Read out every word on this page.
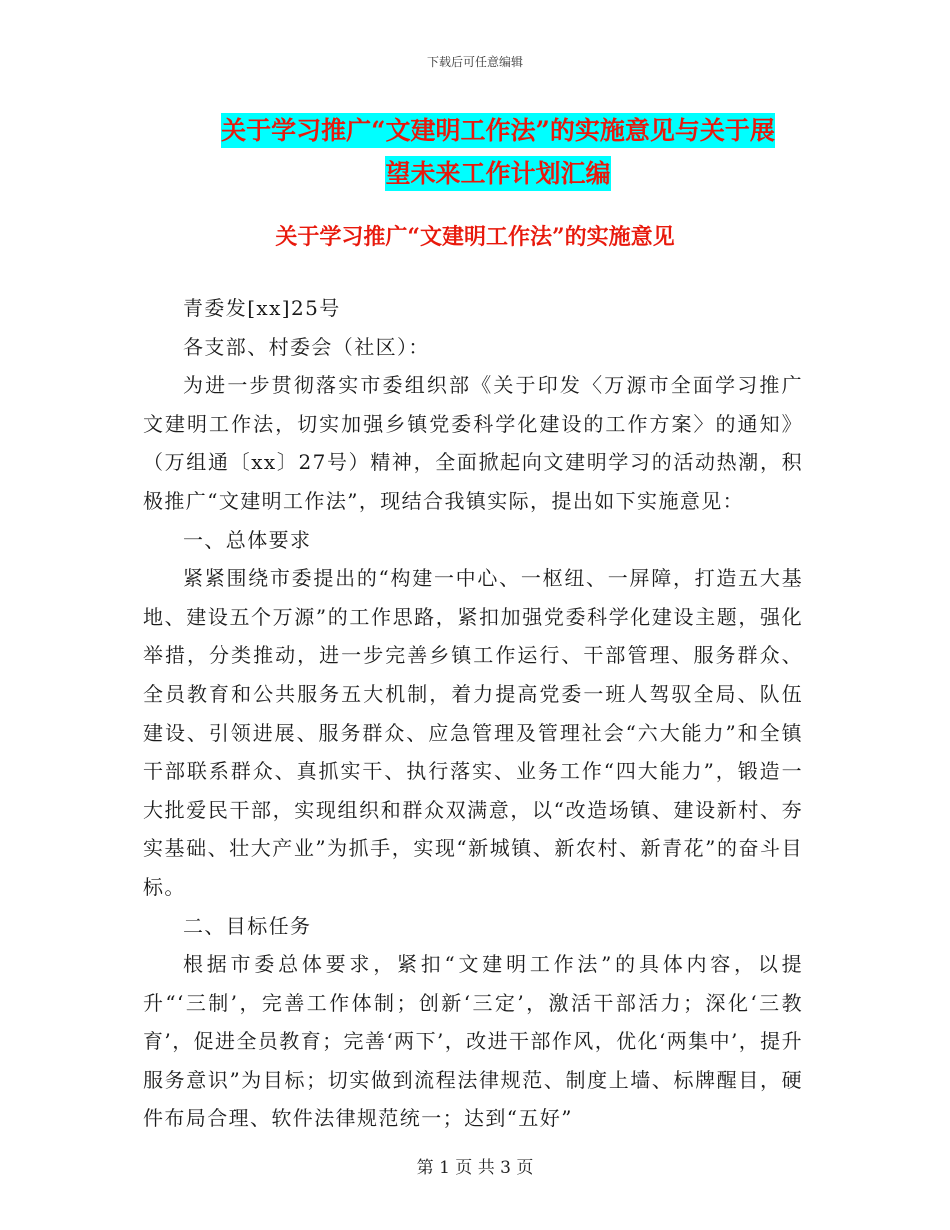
下载后可任意编辑
关于学习推广“文建明工作法”的实施意见与关于展
望未来工作计划汇编
关于学习推广“文建明工作法”的实施意见

青委发[xx]25号

各支部、村委会（社区）：

为进一步贯彻落实市委组织部《关于印发〈万源市全面学习推广文建明工作法，切实加强乡镇党委科学化建设的工作方案〉的通知》（万组通〔xx〕27号）精神，全面掀起向文建明学习的活动热潮，积极推广“文建明工作法”，现结合我镇实际，提出如下实施意见：

一、总体要求

紧紧围绕市委提出的“构建一中心、一枢纽、一屏障，打造五大基地、建设五个万源”的工作思路，紧扣加强党委科学化建设主题，强化举措，分类推动，进一步完善乡镇工作运行、干部管理、服务群众、全员教育和公共服务五大机制，着力提高党委一班人驾驭全局、队伍建设、引领进展、服务群众、应急管理及管理社会“六大能力”和全镇干部联系群众、真抓实干、执行落实、业务工作“四大能力”，锻造一大批爱民干部，实现组织和群众双满意，以“改造场镇、建设新村、夯实基础、壮大产业”为抓手，实现“新城镇、新农村、新青花”的奋斗目标。

二、目标任务

根据市委总体要求，紧扣“文建明工作法”的具体内容，以提升“‘三制’，完善工作体制；创新‘三定’，激活干部活力；深化‘三教育’，促进全员教育；完善‘两下’，改进干部作风，优化‘两集中’，提升服务意识”为目标；切实做到流程法律规范、制度上墙、标牌醒目，硬件布局合理、软件法律规范统一；达到“五好”

第 1 页 共 3 页
